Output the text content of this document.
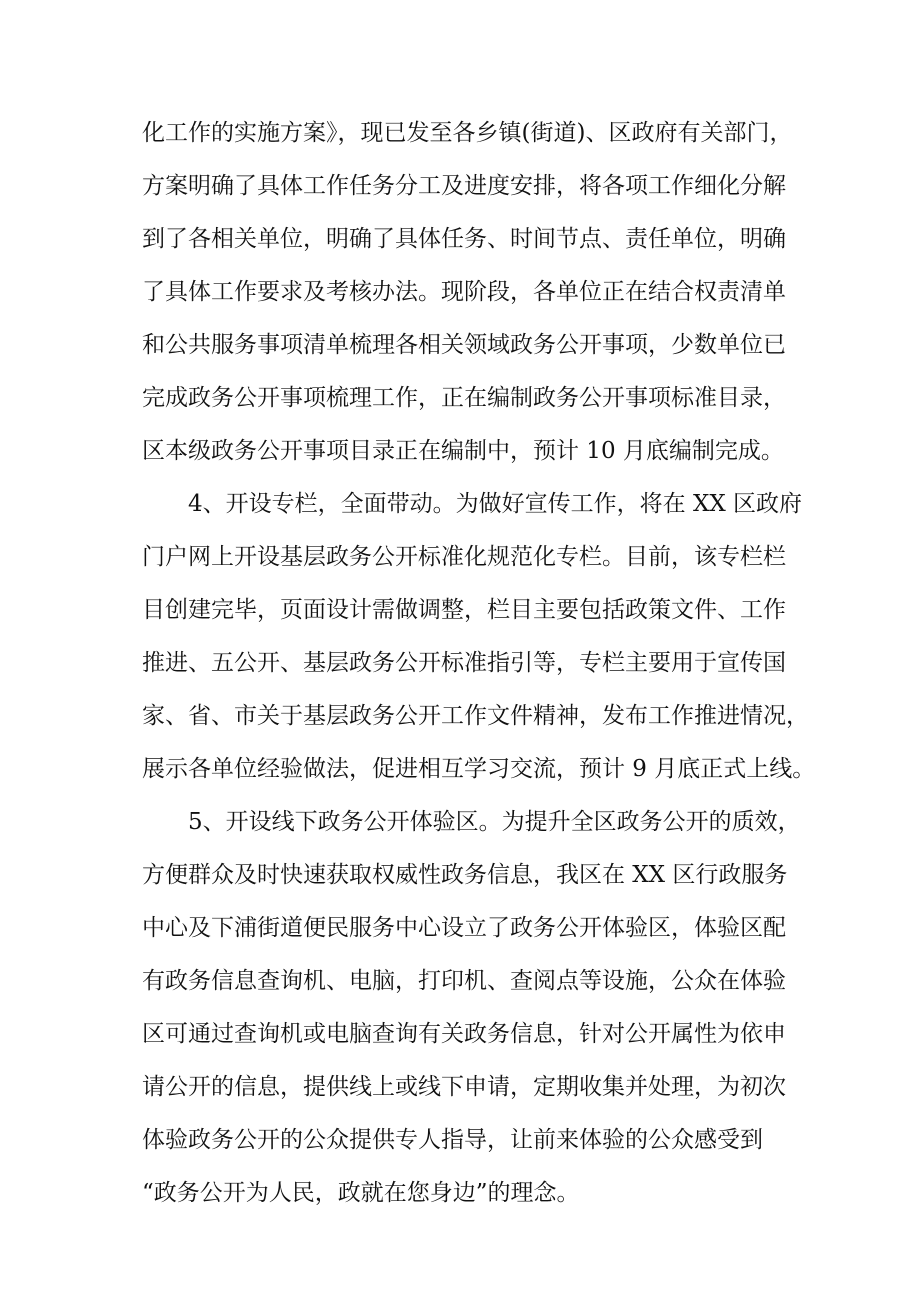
化工作的实施方案》，现已发至各乡镇(街道)、区政府有关部门，
方案明确了具体工作任务分工及进度安排，将各项工作细化分解
到了各相关单位，明确了具体任务、时间节点、责任单位，明确
了具体工作要求及考核办法。现阶段，各单位正在结合权责清单
和公共服务事项清单梳理各相关领域政务公开事项，少数单位已
完成政务公开事项梳理工作，正在编制政务公开事项标准目录，
区本级政务公开事项目录正在编制中，预计 10 月底编制完成。
4、开设专栏，全面带动。为做好宣传工作，将在 XX 区政府
门户网上开设基层政务公开标准化规范化专栏。目前，该专栏栏
目创建完毕，页面设计需做调整，栏目主要包括政策文件、工作
推进、五公开、基层政务公开标准指引等，专栏主要用于宣传国
家、省、市关于基层政务公开工作文件精神，发布工作推进情况，
展示各单位经验做法，促进相互学习交流，预计 9 月底正式上线。
5、开设线下政务公开体验区。为提升全区政务公开的质效，
方便群众及时快速获取权威性政务信息，我区在 XX 区行政服务
中心及下浦街道便民服务中心设立了政务公开体验区，体验区配
有政务信息查询机、电脑，打印机、查阅点等设施，公众在体验
区可通过查询机或电脑查询有关政务信息，针对公开属性为依申
请公开的信息，提供线上或线下申请，定期收集并处理，为初次
体验政务公开的公众提供专人指导，让前来体验的公众感受到
“政务公开为人民，政就在您身边”的理念。
